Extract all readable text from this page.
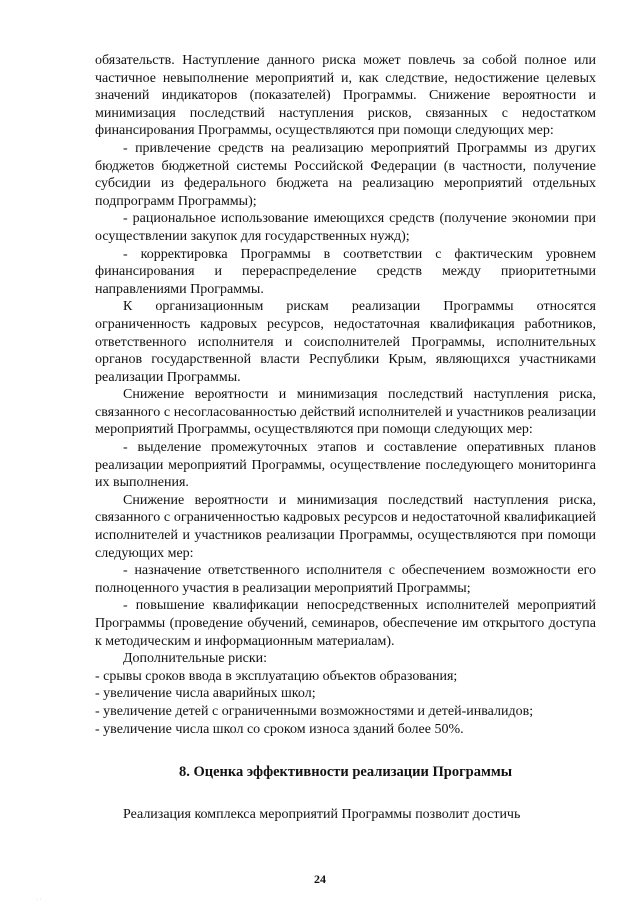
обязательств. Наступление данного риска может повлечь за собой полное или частичное невыполнение мероприятий и, как следствие, недостижение целевых значений индикаторов (показателей) Программы. Снижение вероятности и минимизация последствий наступления рисков, связанных с недостатком финансирования Программы, осуществляются при помощи следующих мер:

- привлечение средств на реализацию мероприятий Программы из других бюджетов бюджетной системы Российской Федерации (в частности, получение субсидии из федерального бюджета на реализацию мероприятий отдельных подпрограмм Программы);

- рациональное использование имеющихся средств (получение экономии при осуществлении закупок для государственных нужд);

- корректировка Программы в соответствии с фактическим уровнем финансирования и перераспределение средств между приоритетными направлениями Программы.

К организационным рискам реализации Программы относятся ограниченность кадровых ресурсов, недостаточная квалификация работников, ответственного исполнителя и соисполнителей Программы, исполнительных органов государственной власти Республики Крым, являющихся участниками реализации Программы.

Снижение вероятности и минимизация последствий наступления риска, связанного с несогласованностью действий исполнителей и участников реализации мероприятий Программы, осуществляются при помощи следующих мер:

- выделение промежуточных этапов и составление оперативных планов реализации мероприятий Программы, осуществление последующего мониторинга их выполнения.

Снижение вероятности и минимизация последствий наступления риска, связанного с ограниченностью кадровых ресурсов и недостаточной квалификацией исполнителей и участников реализации Программы, осуществляются при помощи следующих мер:

- назначение ответственного исполнителя с обеспечением возможности его полноценного участия в реализации мероприятий Программы;

- повышение квалификации непосредственных исполнителей мероприятий Программы (проведение обучений, семинаров, обеспечение им открытого доступа к методическим и информационным материалам).

Дополнительные риски:

- срывы сроков ввода в эксплуатацию объектов образования;

- увеличение числа аварийных школ;

- увеличение детей с ограниченными возможностями и детей-инвалидов;

- увеличение числа школ со сроком износа зданий более 50%.

8. Оценка эффективности реализации Программы

Реализация комплекса мероприятий Программы позволит достичь

24
· ·
